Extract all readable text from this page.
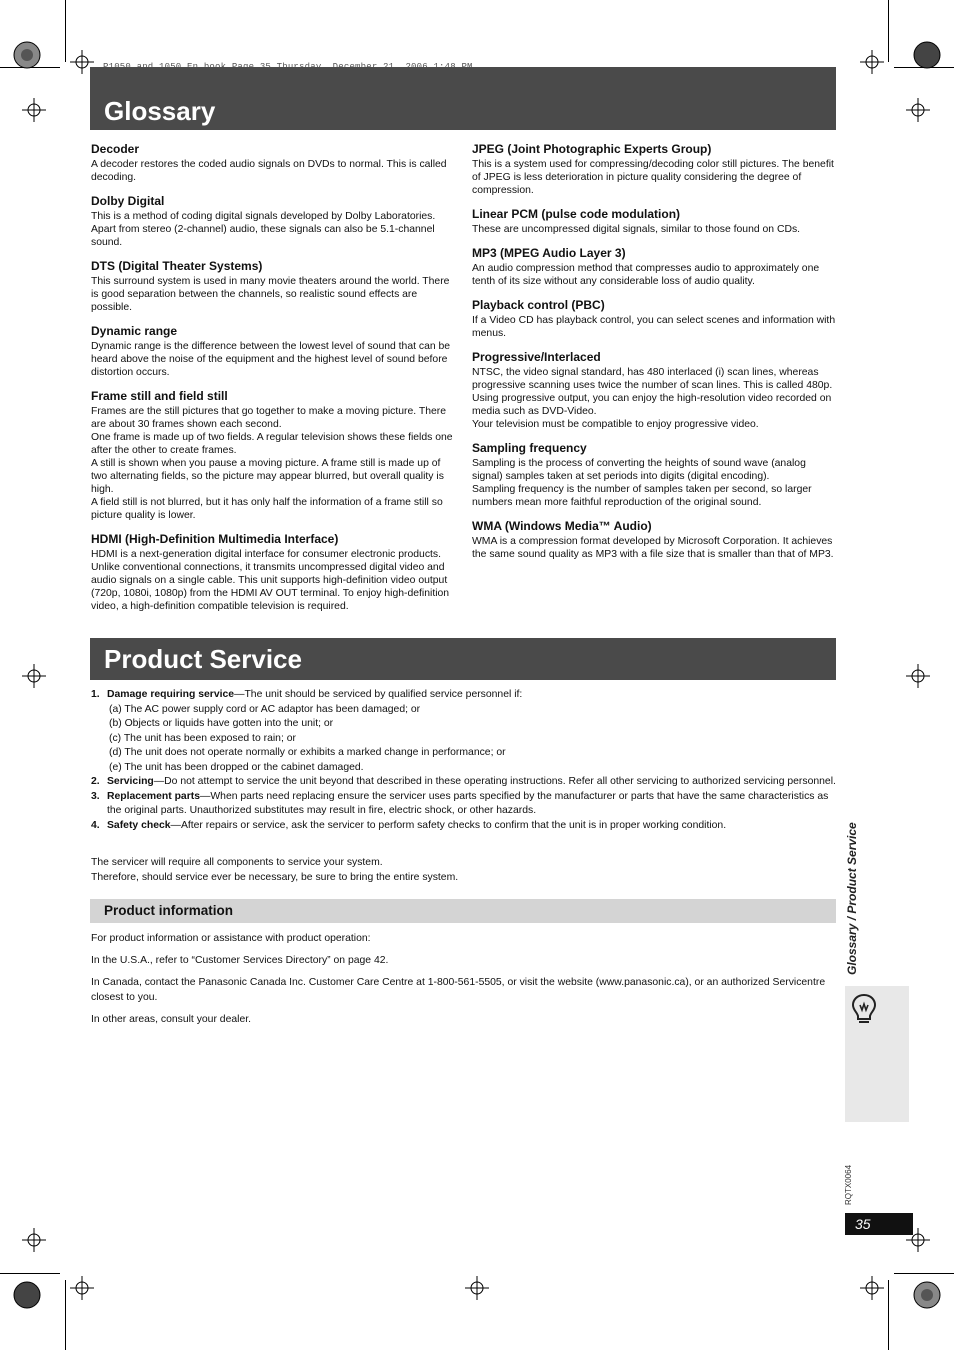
Glossary
Decoder

A decoder restores the coded audio signals on DVDs to normal. This is called decoding.

Dolby Digital

This is a method of coding digital signals developed by Dolby Laboratories. Apart from stereo (2-channel) audio, these signals can also be 5.1-channel sound.

DTS (Digital Theater Systems)

This surround system is used in many movie theaters around the world. There is good separation between the channels, so realistic sound effects are possible.

Dynamic range

Dynamic range is the difference between the lowest level of sound that can be heard above the noise of the equipment and the highest level of sound before distortion occurs.

Frame still and field still

Frames are the still pictures that go together to make a moving picture. There are about 30 frames shown each second.

One frame is made up of two fields. A regular television shows these fields one after the other to create frames.

A still is shown when you pause a moving picture. A frame still is made up of two alternating fields, so the picture may appear blurred, but overall quality is high.

A field still is not blurred, but it has only half the information of a frame still so picture quality is lower.

HDMI (High-Definition Multimedia Interface)

HDMI is a next-generation digital interface for consumer electronic products. Unlike conventional connections, it transmits uncompressed digital video and audio signals on a single cable. This unit supports high-definition video output (720p, 1080i, 1080p) from the HDMI AV OUT terminal. To enjoy high-definition video, a high-definition compatible television is required.

JPEG (Joint Photographic Experts Group)

This is a system used for compressing/decoding color still pictures. The benefit of JPEG is less deterioration in picture quality considering the degree of compression.

Linear PCM (pulse code modulation)

These are uncompressed digital signals, similar to those found on CDs.

MP3 (MPEG Audio Layer 3)

An audio compression method that compresses audio to approximately one tenth of its size without any considerable loss of audio quality.

Playback control (PBC)

If a Video CD has playback control, you can select scenes and information with menus.

Progressive/Interlaced

NTSC, the video signal standard, has 480 interlaced (i) scan lines, whereas progressive scanning uses twice the number of scan lines. This is called 480p.

Using progressive output, you can enjoy the high-resolution video recorded on media such as DVD-Video.

Your television must be compatible to enjoy progressive video.

Sampling frequency

Sampling is the process of converting the heights of sound wave (analog signal) samples taken at set periods into digits (digital encoding).

Sampling frequency is the number of samples taken per second, so larger numbers mean more faithful reproduction of the original sound.

WMA (Windows Media™ Audio)

WMA is a compression format developed by Microsoft Corporation. It achieves the same sound quality as MP3 with a file size that is smaller than that of MP3.

Product Service
1. Damage requiring service—The unit should be serviced by qualified service personnel if:
(a) The AC power supply cord or AC adaptor has been damaged; or
(b) Objects or liquids have gotten into the unit; or
(c) The unit has been exposed to rain; or
(d) The unit does not operate normally or exhibits a marked change in performance; or
(e) The unit has been dropped or the cabinet damaged.
2. Servicing—Do not attempt to service the unit beyond that described in these operating instructions. Refer all other servicing to authorized servicing personnel.
3. Replacement parts—When parts need replacing ensure the servicer uses parts specified by the manufacturer or parts that have the same characteristics as the original parts. Unauthorized substitutes may result in fire, electric shock, or other hazards.
4. Safety check—After repairs or service, ask the servicer to perform safety checks to confirm that the unit is in proper working condition.
The servicer will require all components to service your system.
Therefore, should service ever be necessary, be sure to bring the entire system.
Product information

For product information or assistance with product operation:

In the U.S.A., refer to “Customer Services Directory” on page 42.

In Canada, contact the Panasonic Canada Inc. Customer Care Centre at 1-800-561-5505, or visit the website (www.panasonic.ca), or an authorized Servicentre closest to you.

In other areas, consult your dealer.

Glossary / Product Service
RQTX0064
35
